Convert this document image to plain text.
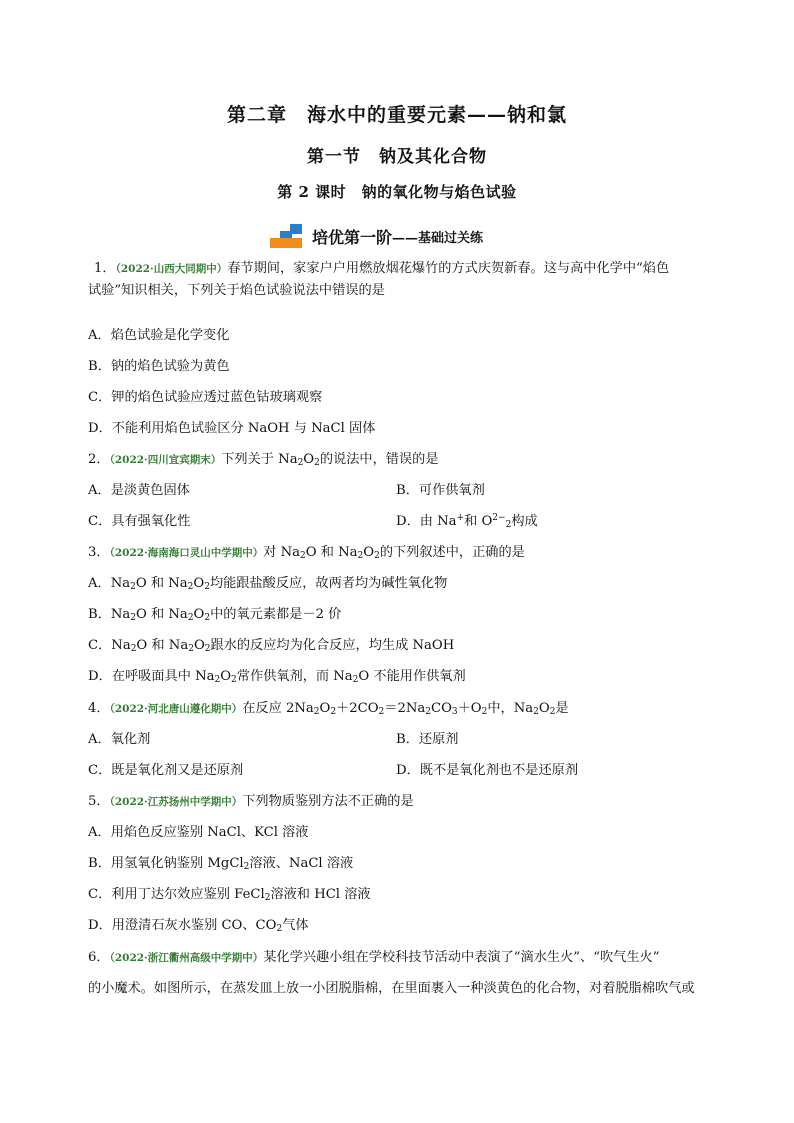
第二章　海水中的重要元素——钠和氯
第一节　钠及其化合物
第 2 课时　钠的氧化物与焰色试验
培优第一阶 ——基础过关练
1．（2022·山西大同期中）春节期间，家家户户用燃放烟花爆竹的方式庆贺新春。这与高中化学中“焰色
试验”知识相关，下列关于焰色试验说法中错误的是
A．焰色试验是化学变化
B．钠的焰色试验为黄色
C．钾的焰色试验应透过蓝色钴玻璃观察
D．不能利用焰色试验区分 NaOH 与 NaCl 固体
2．（2022·四川宜宾期末）下列关于 $Na_2O_2$的说法中，错误的是
A．是淡黄色固体	B．可作供氧剂
C．具有强氧化性	D．由 Na+和 $O^{2-}_2$构成
3．（2022·海南海口灵山中学期中）对 $Na_2O$ 和 $Na_2O_2$的下列叙述中，正确的是
A．$Na_2O$ 和 $Na_2O_2$均能跟盐酸反应，故两者均为碱性氧化物
B．$Na_2O$ 和 $Na_2O_2$中的氧元素都是－2 价
C．$Na_2O$ 和 $Na_2O_2$跟水的反应均为化合反应，均生成 NaOH
D．在呼吸面具中 $Na_2O_2$常作供氧剂，而 $Na_2O$ 不能用作供氧剂
4．（2022·河北唐山遵化期中）在反应 $2Na_2O_2+2CO_2=2Na_2CO_3+O_2$中，$Na_2O_2$是
A．氧化剂	B．还原剂
C．既是氧化剂又是还原剂	D．既不是氧化剂也不是还原剂
5．（2022·江苏扬州中学期中）下列物质鉴别方法不正确的是
A．用焰色反应鉴别 NaCl、KCl 溶液
B．用氢氧化钠鉴别 MgCl$_2$溶液、NaCl 溶液
C．利用丁达尔效应鉴别 FeCl$_2$溶液和 HCl 溶液
D．用澄清石灰水鉴别 CO、$CO_2$气体
6．（2022·浙江衢州高级中学期中）某化学兴趣小组在学校科技节活动中表演了“滴水生火”、“吹气生火”
的小魔术。如图所示，在蒸发皿上放一小团脱脂棉，在里面裹入一种淡黄色的化合物，对着脱脂棉吹气或
